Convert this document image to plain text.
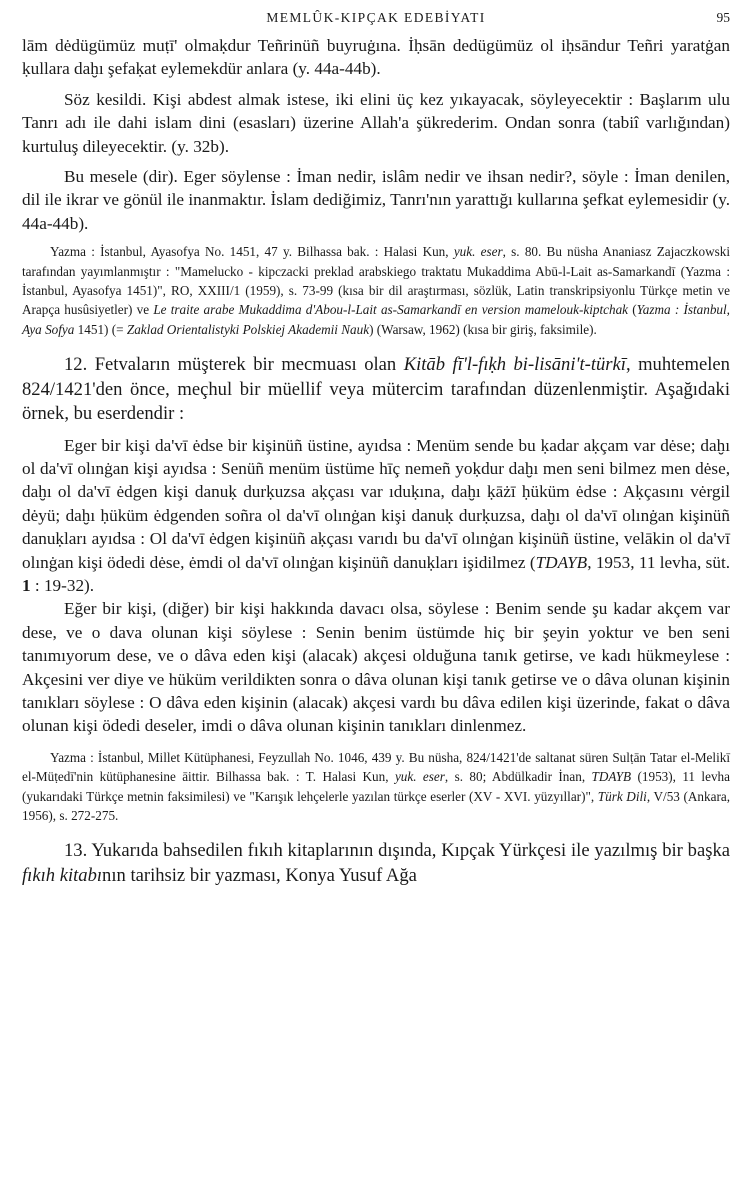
MEMLÛK-KIPÇAK EDEBİYATI	95

lām dėdügümüz muṭī' olmaḳdur Teñrinüñ buyruġına. İḥsān dedügümüz ol iḥsāndur Teñri yaratġan ḳullara daḫı şefaḳat eylemekdür anlara (y. 44a-44b).

Söz kesildi. Kişi abdest almak istese, iki elini üç kez yıkayacak, söyleyecektir : Başlarım ulu Tanrı adı ile dahi islam dini (esasları) üzerine Allah'a şükrederim. Ondan sonra (tabiî varlığından) kurtuluş dileyecektir. (y. 32b).

Bu mesele (dir). Eger söylense : İman nedir, islâm nedir ve ihsan nedir?, söyle : İman denilen, dil ile ikrar ve gönül ile inanmaktır. İslam dediğimiz, Tanrı'nın yarattığı kullarına şefkat eylemesidir (y. 44a-44b).

Yazma : İstanbul, Ayasofya No. 1451, 47 y. Bilhassa bak. : Halasi Kun, yuk. eser, s. 80. Bu nüsha Ananiasz Zajaczkowski tarafından yayımlanmıştır : "Mameluсko - kipczacki preklad arabskiego traktatu Mukaddima Abū-l-Lait as-Samarkandī (Yazma : İstanbul, Ayasofya 1451)", RO, XXIII/1 (1959), s. 73-99 (kısa bir dil araştırması, sözlük, Latin transkripsiyonlu Türkçe metin ve Arapça husûsiyetler) ve Le traite arabe Mukaddima d'Abou-l-Lait as-Samarkandī en version mamelouk-kiptchak (Yazma : İstanbul, Aya Sofya 1451) (= Zaklad Orientalistyki Polskiej Akademii Nauk) (Warsaw, 1962) (kısa bir giriş, faksimile).

12. Fetvaların müşterek bir mecmuası olan Kitāb fī'l-fıḳh bi-lisāni't-türkī, muhtemelen 824/1421'den önce, meçhul bir müellif veya mütercim tarafından düzenlenmiştir. Aşağıdaki örnek, bu eserdendir :

Eger bir kişi da'vī ėdse bir kişinüñ üstine, ayıdsa : Menüm sende bu ḳadar aḳçam var dėse; daḫı ol da'vī olınġan kişi ayıdsa : Senüñ menüm üstüme hīç nemeñ yoḳdur daḫı men seni bilmez men dėse, daḫı ol da'vī ėdgen kişi danuḳ durḳuzsa aḳçası var ıduḳına, daḫı ḳāżī ḥüküm ėdse : Aḳçasını vėrgil dėyü; daḫı ḥüküm ėdgenden soñra ol da'vī olınġan kişi danuḳ durḳuzsa, daḫı ol da'vī olınġan kişinüñ danuḳları ayıdsa : Ol da'vī ėdgen kişinüñ aḳçası varıdı bu da'vī olınġan kişinüñ üstine, velākin ol da'vī olınġan kişi ödedi dėse, ėmdi ol da'vī olınġan kişinüñ danuḳları işidilmez (TDAYB, 1953, 11 levha, süt. 1 : 19-32).

Eğer bir kişi, (diğer) bir kişi hakkında davacı olsa, söylese : Benim sende şu kadar akçem var dese, ve o dava olunan kişi söylese : Senin benim üstümde hiç bir şeyin yoktur ve ben seni tanımıyorum dese, ve o dâva eden kişi (alacak) akçesi olduğuna tanık getirse, ve kadı hükmeylese : Akçesini ver diye ve hüküm verildikten sonra o dâva olunan kişi tanık getirse ve o dâva olunan kişinin tanıkları söylese : O dâva eden kişinin (alacak) akçesi vardı bu dâva edilen kişi üzerinde, fakat o dâva olunan kişi ödedi deseler, imdi o dâva olunan kişinin tanıkları dinlenmez.

Yazma : İstanbul, Millet Kütüphanesi, Feyzullah No. 1046, 439 y. Bu nüsha, 824/1421'de saltanat süren Sulṭān Tatar el-Melikī el-Müṭedī'nin kütüphanesine āittir. Bilhassa bak. : T. Halasi Kun, yuk. eser, s. 80; Abdülkadir İnan, TDAYB (1953), 11 levha (yukarıdaki Türkçe metnin faksimilesi) ve "Karışık lehçelerle yazılan türkçe eserler (XV - XVI. yüzyıllar)", Türk Dili, V/53 (Ankara, 1956), s. 272-275.

13. Yukarıda bahsedilen fıkıh kitaplarının dışında, Kıpçak Yürkçesi ile yazılmış bir başka fıkıh kitabının tarihsiz bir yazması, Konya Yusuf Ağa
